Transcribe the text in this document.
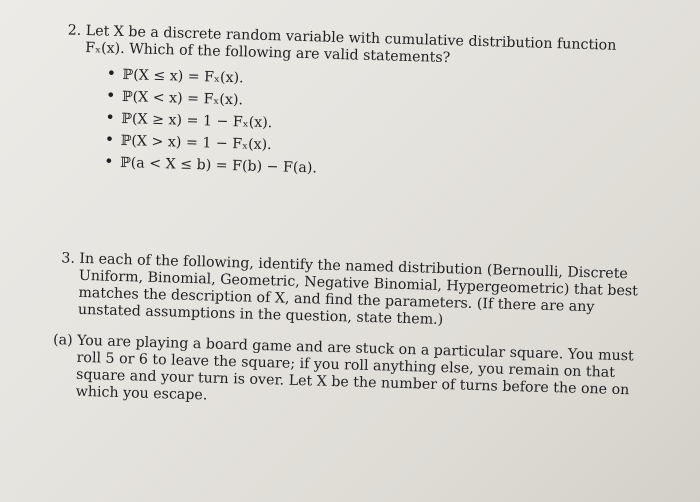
2. Let X be a discrete random variable with cumulative distribution function Fₓ(x). Which of the following are valid statements?

• ℙ(X ≤ x) = Fₓ(x).
• ℙ(X < x) = Fₓ(x).
• ℙ(X ≥ x) = 1 − Fₓ(x).
• ℙ(X > x) = 1 − Fₓ(x).
• ℙ(a < X ≤ b) = F(b) − F(a).
3. In each of the following, identify the named distribution (Bernoulli, Discrete Uniform, Binomial, Geometric, Negative Binomial, Hypergeometric) that best matches the description of X, and find the parameters. (If there are any unstated assumptions in the question, state them.)

(a) You are playing a board game and are stuck on a particular square. You must roll 5 or 6 to leave the square; if you roll anything else, you remain on that square and your turn is over. Let X be the number of turns before the one on which you escape.
